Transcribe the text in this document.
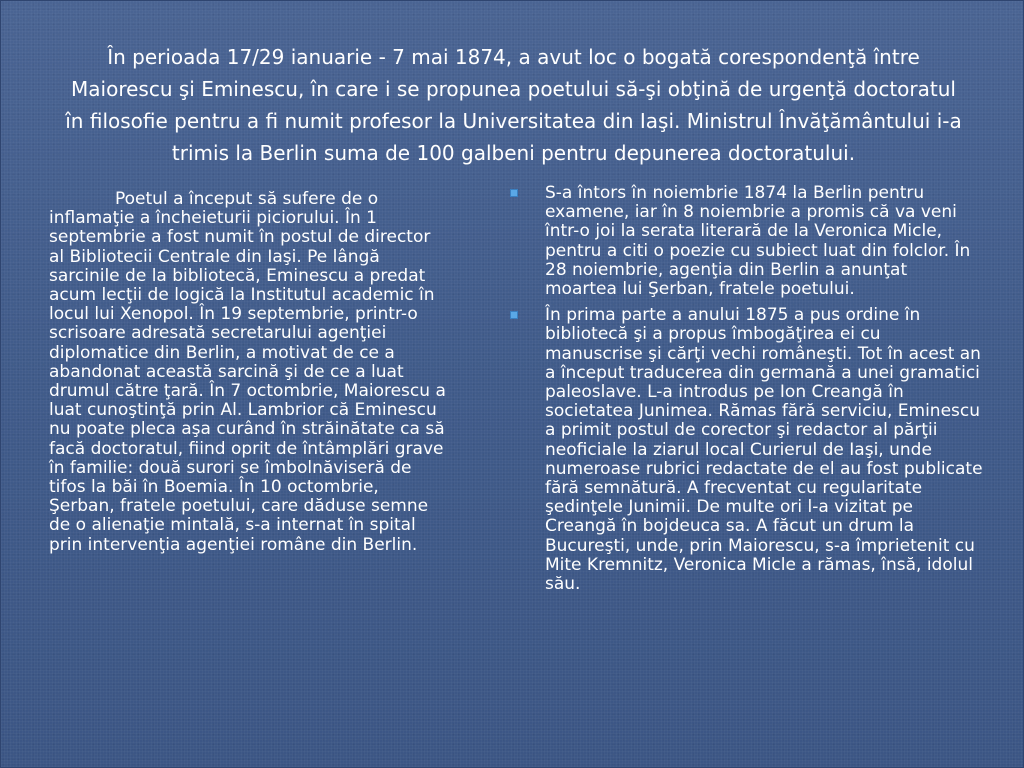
În perioada 17/29 ianuarie - 7 mai 1874, a avut loc o bogată corespondenţă între Maiorescu şi Eminescu, în care i se propunea poetului să-şi obţină de urgenţă doctoratul în filosofie pentru a fi numit profesor la Universitatea din Iaşi. Ministrul Învăţământului i-a trimis la Berlin suma de 100 galbeni pentru depunerea doctoratului.

Poetul a început să sufere de o inflamaţie a încheieturii piciorului. În 1 septembrie a fost numit în postul de director al Bibliotecii Centrale din Iaşi. Pe lângă sarcinile de la bibliotecă, Eminescu a predat acum lecţii de logică la Institutul academic în locul lui Xenopol. În 19 septembrie, printr-o scrisoare adresată secretarului agenţiei diplomatice din Berlin, a motivat de ce a abandonat această sarcină şi de ce a luat drumul către ţară. În 7 octombrie, Maiorescu a luat cunoştinţă prin Al. Lambrior că Eminescu nu poate pleca aşa curând în străinătate ca să facă doctoratul, fiind oprit de întâmplări grave în familie: două surori se îmbolnăviseră de tifos la băi în Boemia. În 10 octombrie, Şerban, fratele poetului, care dăduse semne de o alienaţie mintală, s-a internat în spital prin intervenţia agenţiei române din Berlin.

S-a întors în noiembrie 1874 la Berlin pentru examene, iar în 8 noiembrie a promis că va veni într-o joi la serata literară de la Veronica Micle, pentru a citi o poezie cu subiect luat din folclor. În 28 noiembrie, agenţia din Berlin a anunţat moartea lui Şerban, fratele poetului.
În prima parte a anului 1875 a pus ordine în bibliotecă şi a propus îmbogăţirea ei cu manuscrise şi cărţi vechi româneşti. Tot în acest an a început traducerea din germană a unei gramatici paleoslave. L-a introdus pe Ion Creangă în societatea Junimea. Rămas fără serviciu, Eminescu a primit postul de corector şi redactor al părţii neoficiale la ziarul local Curierul de Iaşi, unde numeroase rubrici redactate de el au fost publicate fără semnătură. A frecventat cu regularitate şedinţele Junimii. De multe ori l-a vizitat pe Creangă în bojdeuca sa. A făcut un drum la Bucureşti, unde, prin Maiorescu, s-a împrietenit cu Mite Kremnitz, Veronica Micle a rămas, însă, idolul său.
